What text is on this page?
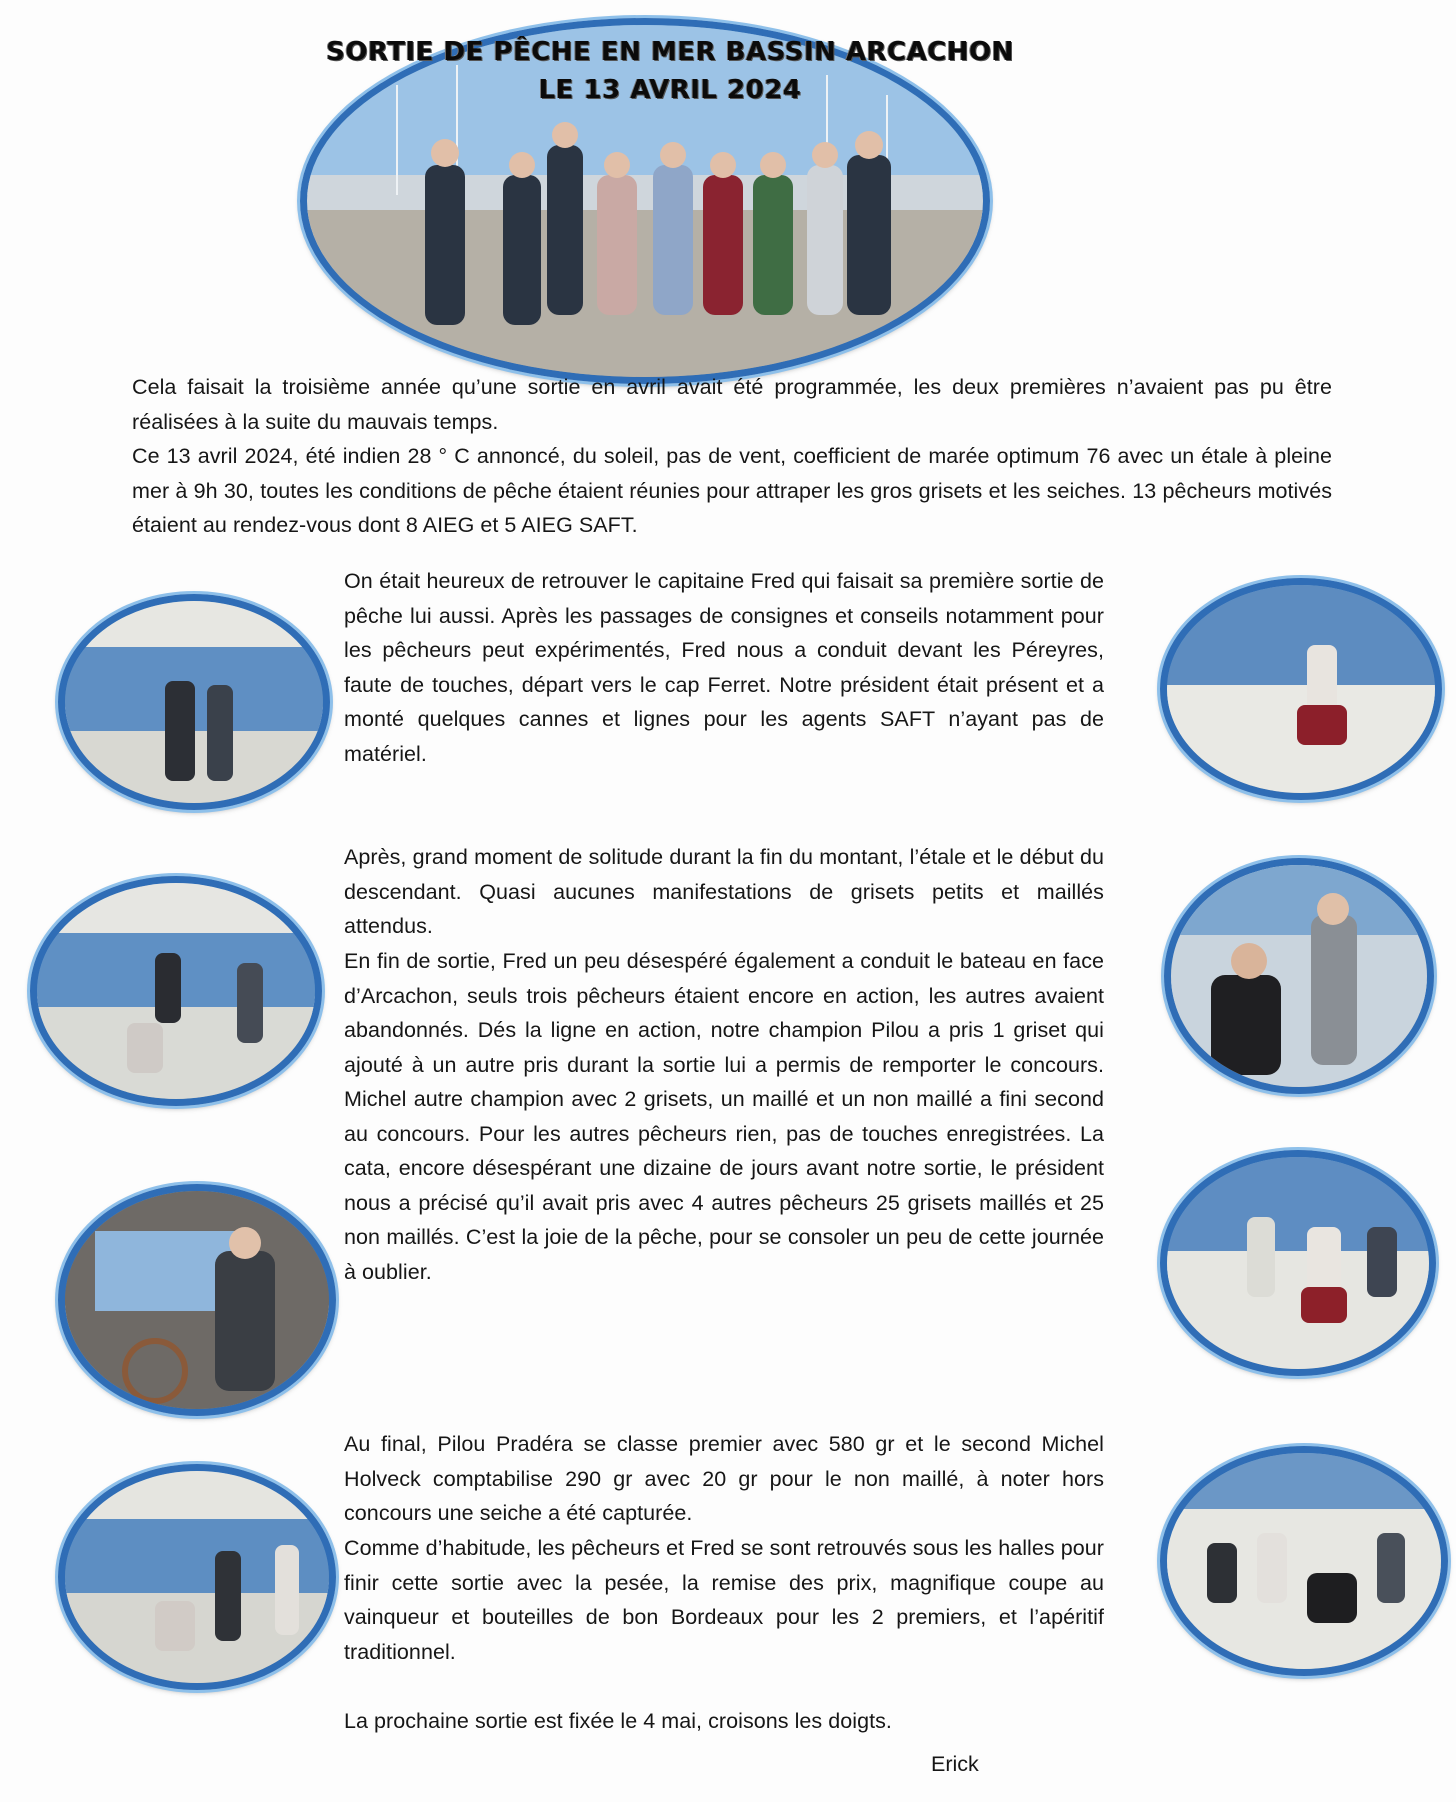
SORTIE DE PÊCHE EN MER BASSIN ARCACHON
LE 13 AVRIL 2024

Cela faisait la troisième année qu’une sortie en avril avait été programmée, les deux premières n’avaient pas pu être réalisées à la suite du mauvais temps.

Ce 13 avril 2024, été indien 28 ° C annoncé, du soleil, pas de vent, coefficient de marée optimum 76 avec un étale à pleine mer à 9h 30, toutes les conditions de pêche étaient réunies pour attraper les gros grisets et les seiches. 13 pêcheurs motivés étaient au rendez-vous dont 8 AIEG et 5 AIEG SAFT.

On était heureux de retrouver le capitaine Fred qui faisait sa première sortie de pêche lui aussi. Après les passages de consignes et conseils notamment pour les pêcheurs peut expérimentés, Fred nous a conduit devant les Péreyres, faute de touches, départ vers le cap Ferret. Notre président était présent et a monté quelques cannes et lignes pour les agents SAFT n’ayant pas de matériel.

Après, grand moment de solitude durant la fin du montant, l’étale et le début du descendant. Quasi aucunes manifestations de grisets petits et maillés attendus.

En fin de sortie, Fred un peu désespéré également a conduit le bateau en face d’Arcachon, seuls trois pêcheurs étaient encore en action, les autres avaient abandonnés. Dés la ligne en action, notre champion Pilou a pris 1 griset qui ajouté à un autre pris durant la sortie lui a permis de remporter le concours. Michel autre champion avec 2 grisets, un maillé et un non maillé a fini second au concours. Pour les autres pêcheurs rien, pas de touches enregistrées. La cata, encore désespérant une dizaine de jours avant notre sortie, le président nous a précisé qu’il avait pris avec 4 autres pêcheurs 25 grisets maillés et 25 non maillés. C’est la joie de la pêche, pour se consoler un peu de cette journée à oublier.

Au final, Pilou Pradéra se classe premier avec 580 gr et le second Michel Holveck comptabilise 290 gr avec 20 gr pour le non maillé, à noter hors concours une seiche a été capturée.

Comme d’habitude, les pêcheurs et Fred se sont retrouvés sous les halles pour finir cette sortie avec la pesée, la remise des prix, magnifique coupe au vainqueur et bouteilles de bon Bordeaux pour les 2 premiers, et l’apéritif traditionnel.

La prochaine sortie est fixée le 4 mai, croisons les doigts.

Erick
